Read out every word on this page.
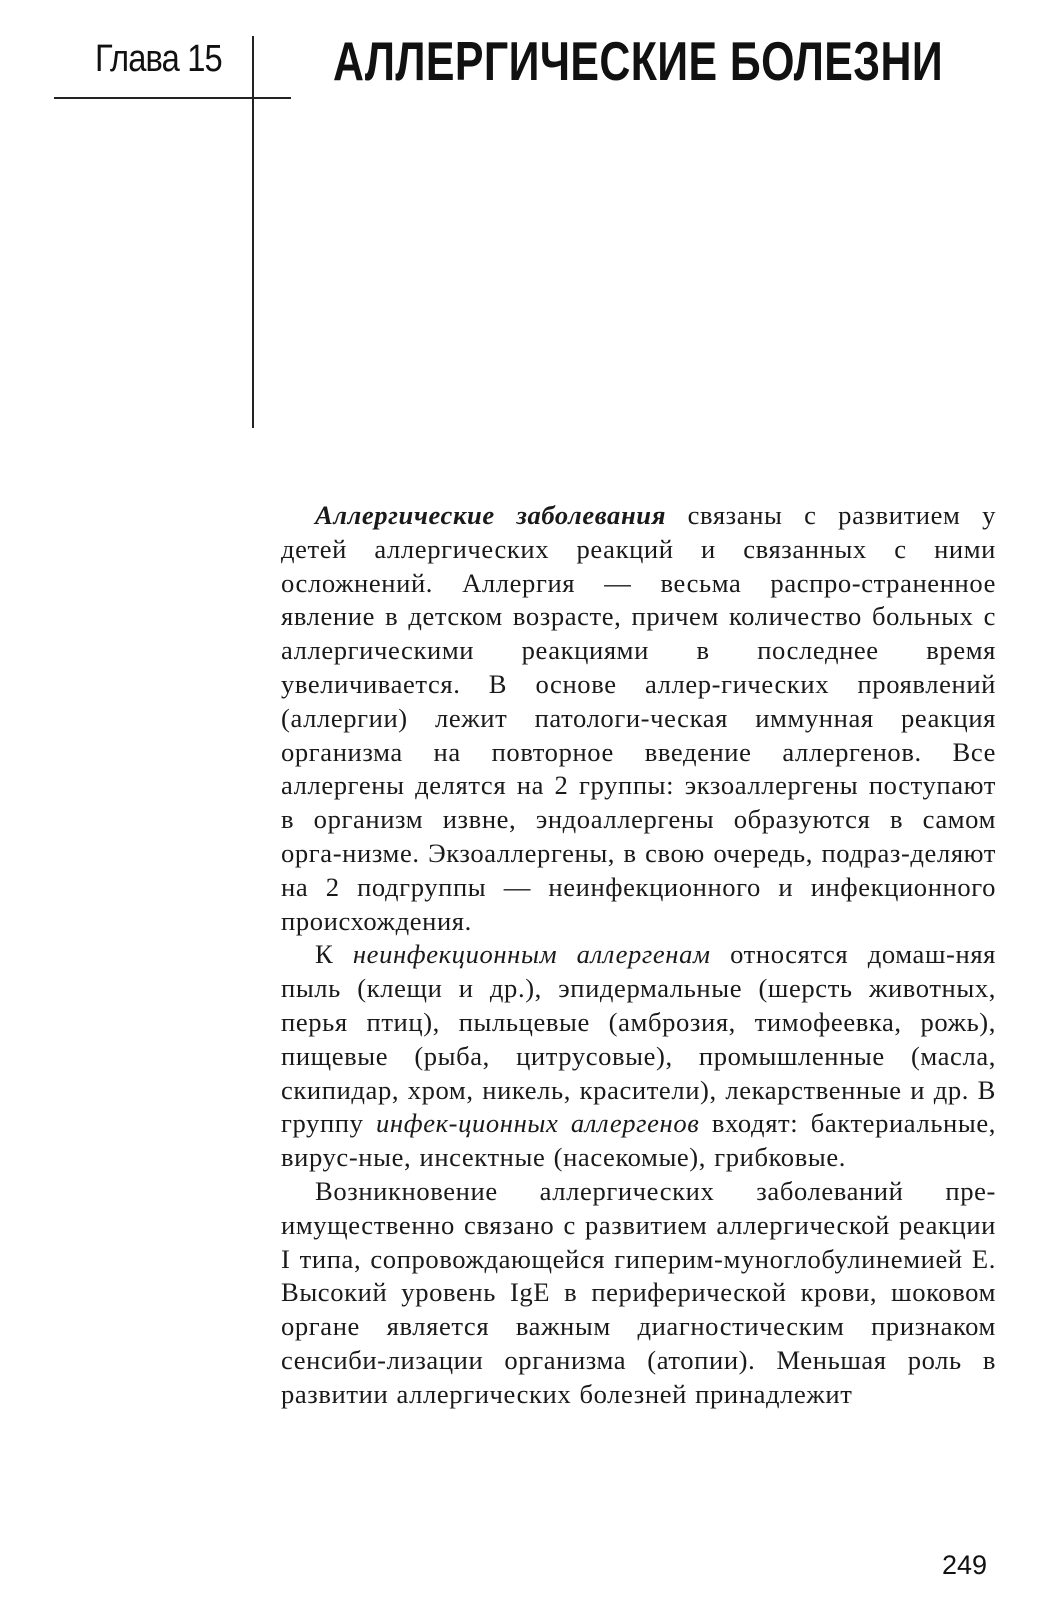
Глава 15 АЛЛЕРГИЧЕСКИЕ БОЛЕЗНИ

Аллергические заболевания связаны с развитием у детей аллергических реакций и связанных с ними осложнений. Аллергия — весьма распро-страненное явление в детском возрасте, причем количество больных с аллергическими реакциями в последнее время увеличивается. В основе аллер-гических проявлений (аллергии) лежит патологи-ческая иммунная реакция организма на повторное введение аллергенов. Все аллергены делятся на 2 группы: экзоаллергены поступают в организм извне, эндоаллергены образуются в самом орга-низме. Экзоаллергены, в свою очередь, подраз-деляют на 2 подгруппы — неинфекционного и инфекционного происхождения.

К неинфекционным аллергенам относятся домаш-няя пыль (клещи и др.), эпидермальные (шерсть животных, перья птиц), пыльцевые (амброзия, тимофеевка, рожь), пищевые (рыба, цитрусовые), промышленные (масла, скипидар, хром, никель, красители), лекарственные и др. В группу инфек-ционных аллергенов входят: бактериальные, вирус-ные, инсектные (насекомые), грибковые.

Возникновение аллергических заболеваний пре-имущественно связано с развитием аллергической реакции I типа, сопровождающейся гиперим-муноглобулинемией E. Высокий уровень IgE в периферической крови, шоковом органе является важным диагностическим признаком сенсиби-лизации организма (атопии). Меньшая роль в развитии аллергических болезней принадлежит

249
